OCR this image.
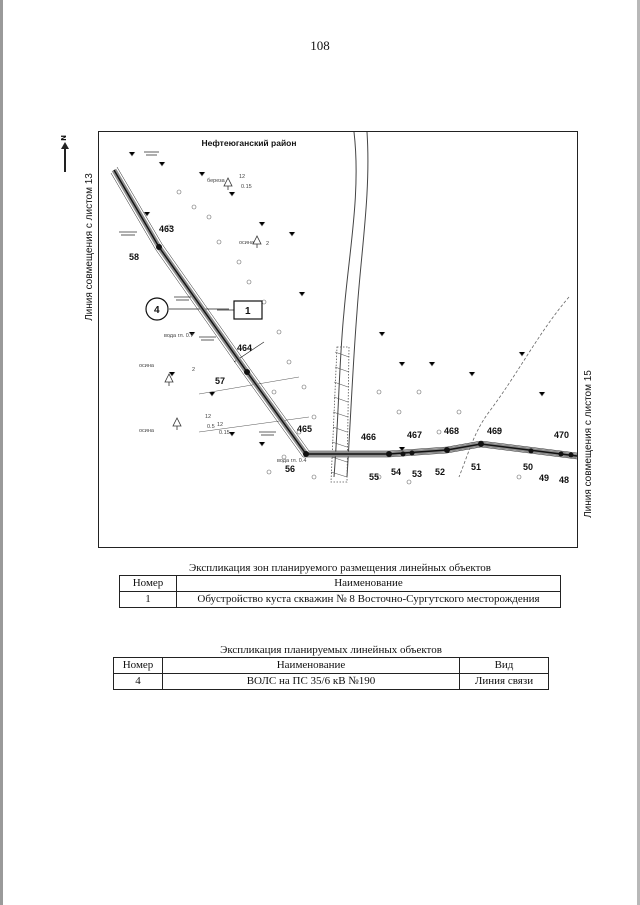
108
N
Линия совмещения с листом 13
Линия совмещения с листом 15
463
58
464
57
465
56
466
55 54
467
53
468
52	51
469
50
49 48
470
4	1
береза
осина
осина
осина
вода гл. 0.7
вода гл. 0.4
12
0.15
12
0.5 12
0.15
2
2
Нефтеюганский район
Экспликация зон планируемого размещения линейных объектов
Номер	Наименование
1	Обустройство куста скважин № 8 Восточно-Сургутского месторождения
Экспликация планируемых линейных объектов
Номер	Наименование	Вид
4	ВОЛС на ПС 35/6 кВ №190	Линия связи
